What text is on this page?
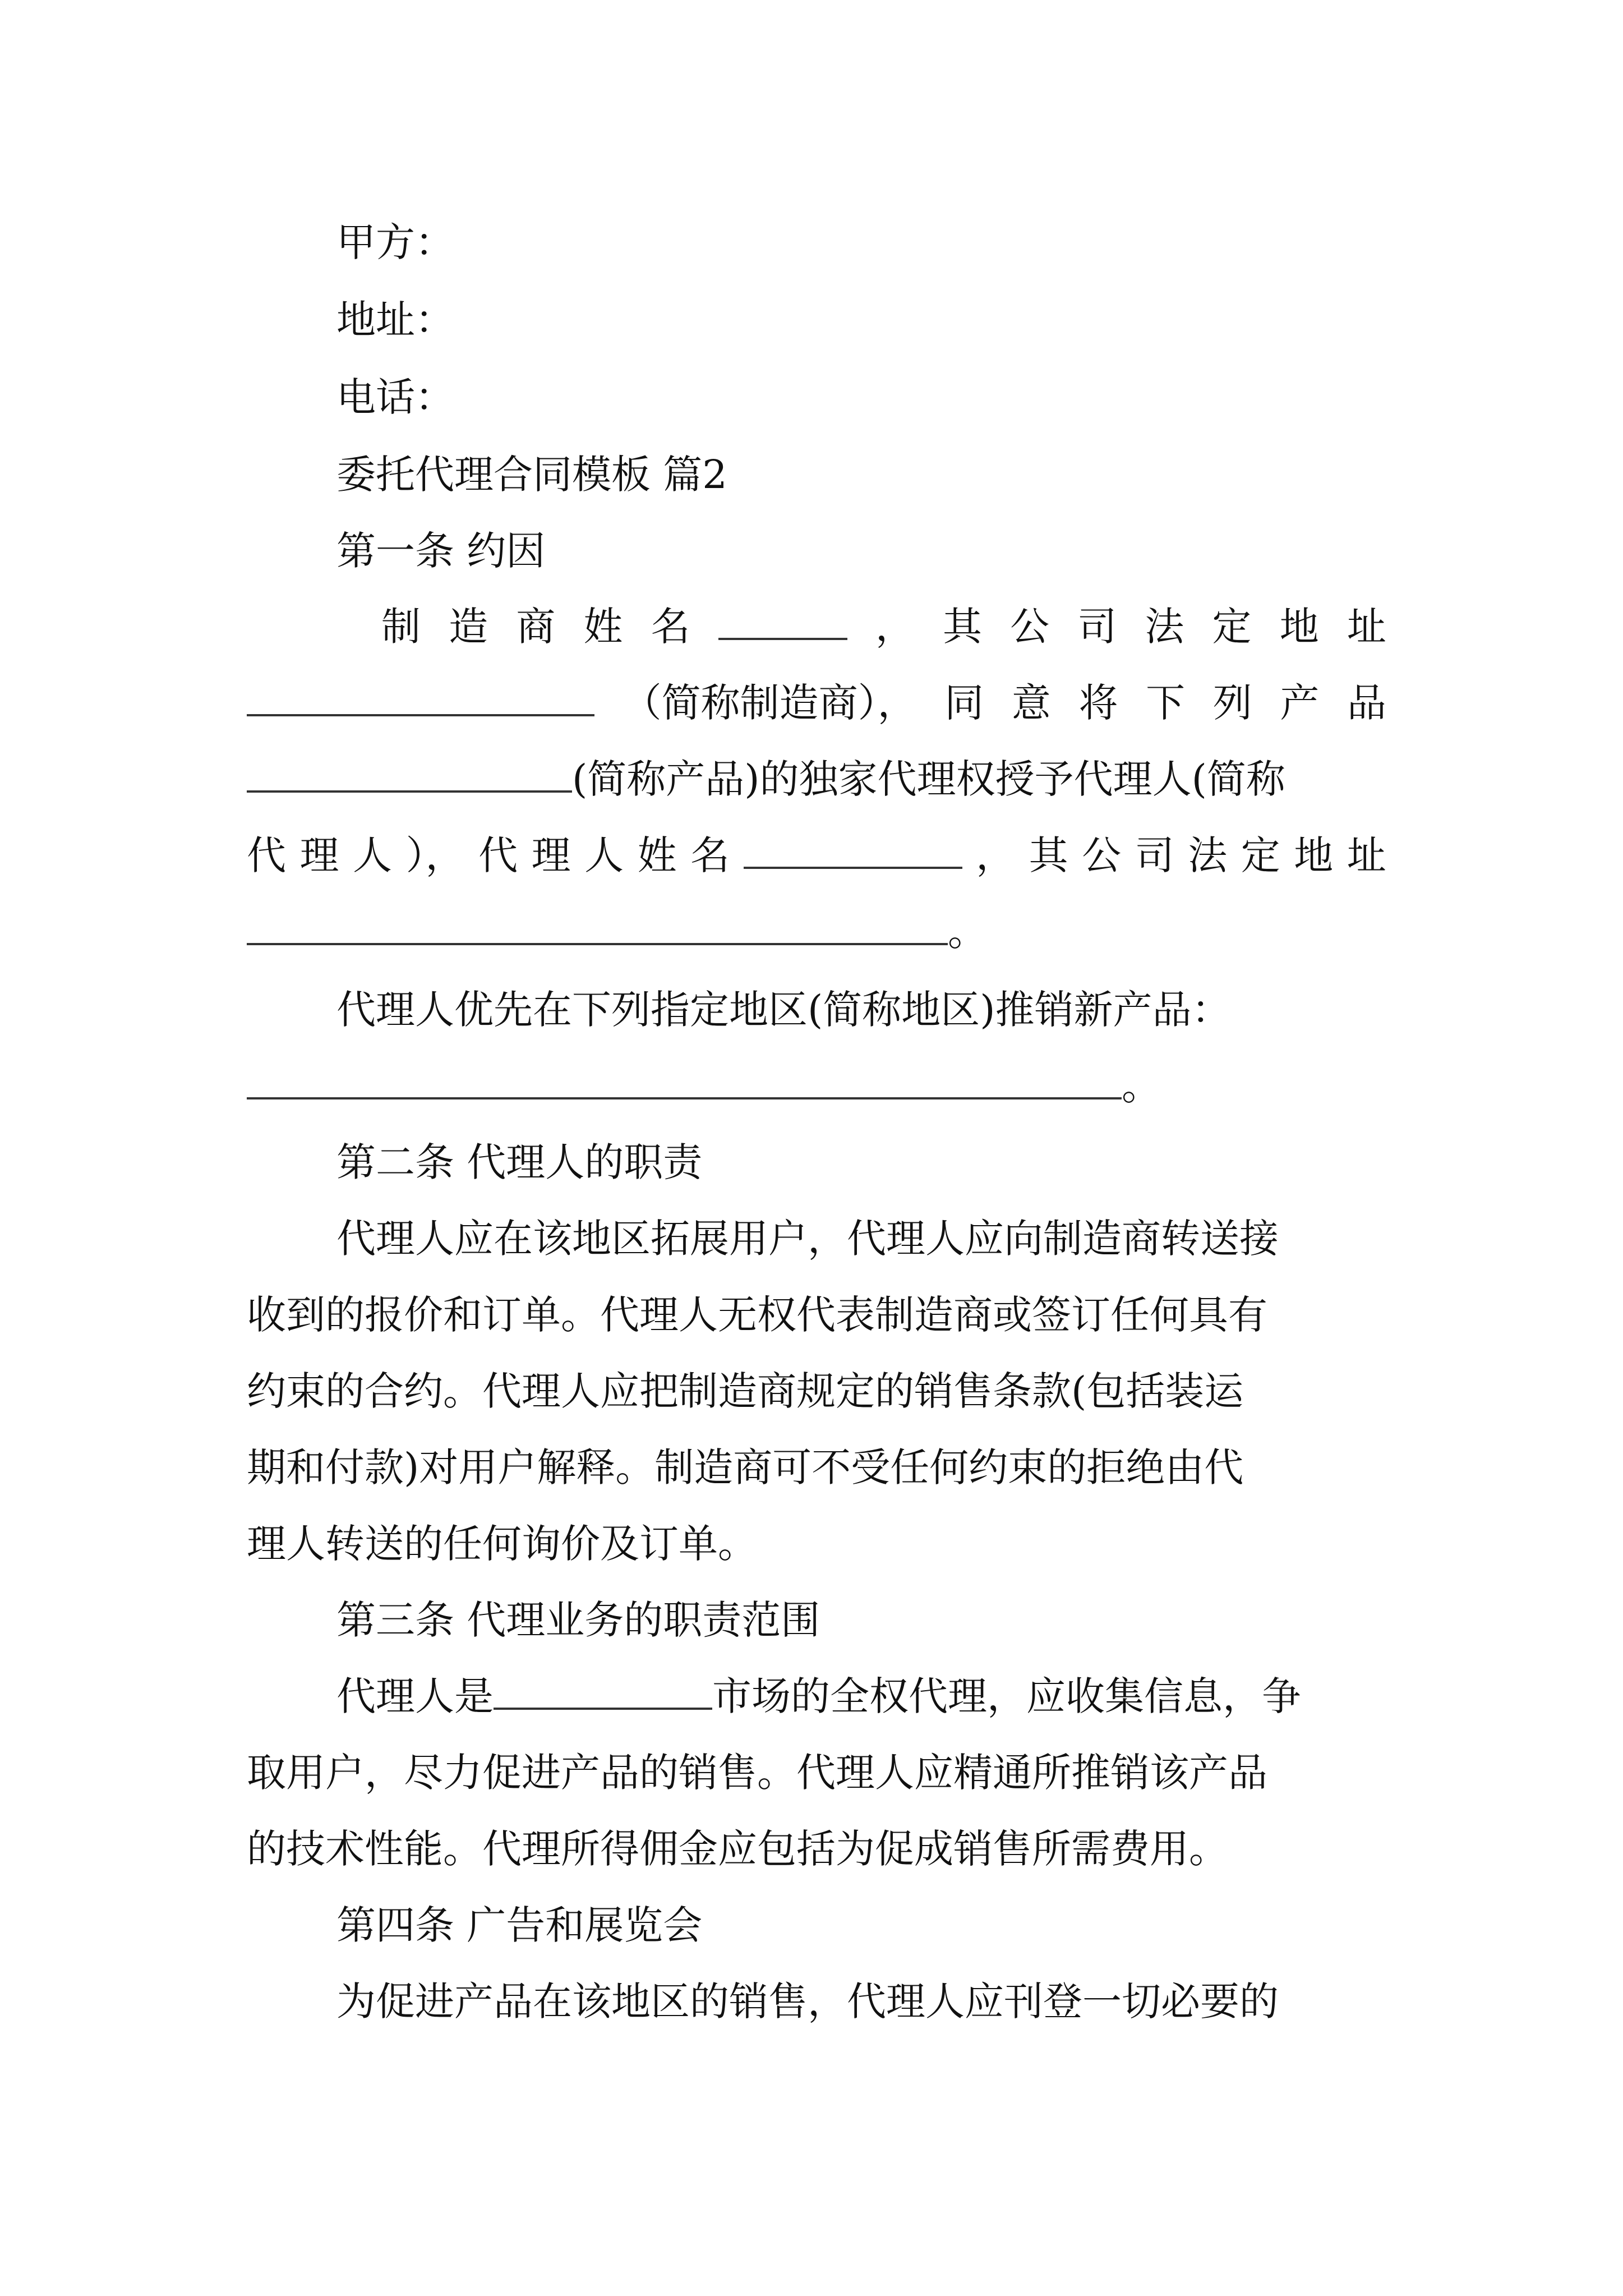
甲方：
地址：
电话：
委托代理合同模板 篇2
第一条 约因
制 造 商 姓 名	， 其 公 司 法 定 地 址
（简称制造商）， 同 意 将 下 列 产 品
(简称产品)的独家代理权授予代理人(简称
代 理 人 ）， 代 理 人 姓 名	， 其 公 司 法 定 地 址
。
代理人优先在下列指定地区(简称地区)推销新产品：
。
第二条 代理人的职责
代理人应在该地区拓展用户，代理人应向制造商转送接
收到的报价和订单。代理人无权代表制造商或签订任何具有
约束的合约。代理人应把制造商规定的销售条款(包括装运
期和付款)对用户解释。制造商可不受任何约束的拒绝由代
理人转送的任何询价及订单。
第三条 代理业务的职责范围
代理人是	市场的全权代理，应收集信息，争
取用户，尽力促进产品的销售。代理人应精通所推销该产品
的技术性能。代理所得佣金应包括为促成销售所需费用。
第四条 广告和展览会
为促进产品在该地区的销售，代理人应刊登一切必要的
